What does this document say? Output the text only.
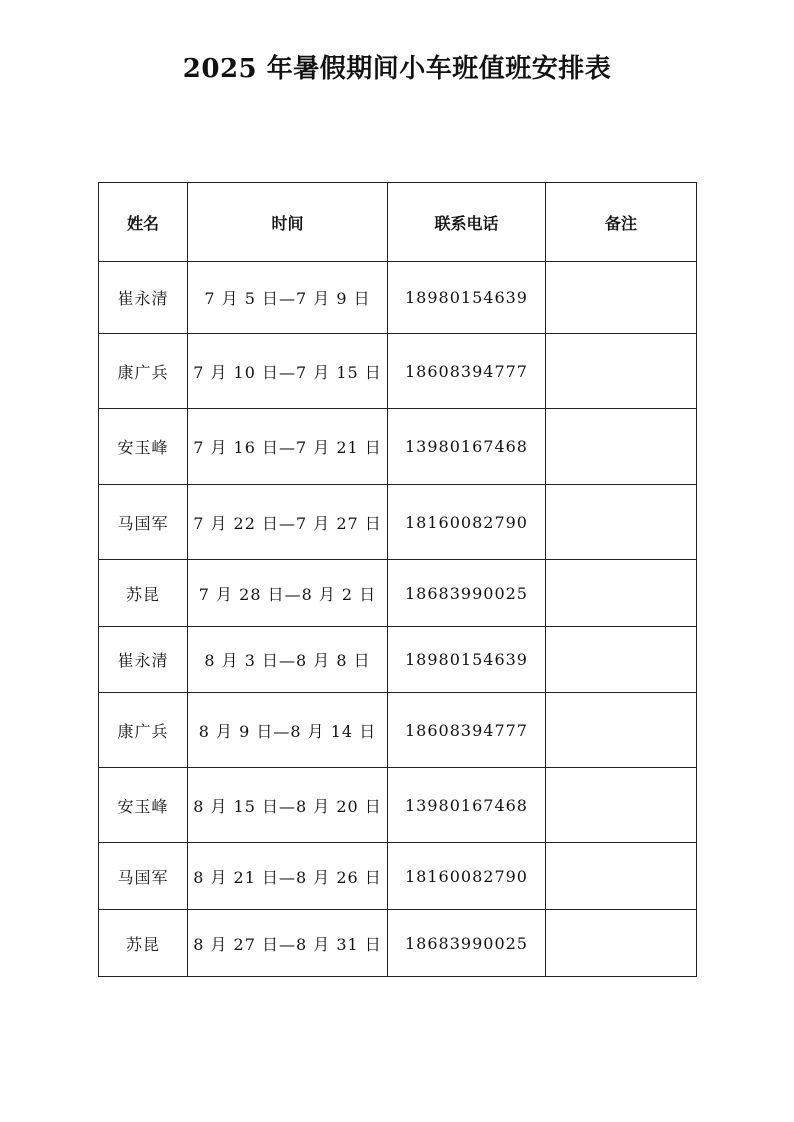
2025 年暑假期间小车班值班安排表
姓名	时间	联系电话	备注
崔永清	7 月 5 日—7 月 9 日	18980154639	
康广兵	7 月 10 日—7 月 15 日	18608394777	
安玉峰	7 月 16 日—7 月 21 日	13980167468	
马国军	7 月 22 日—7 月 27 日	18160082790	
苏昆	7 月 28 日—8 月 2 日	18683990025	
崔永清	8 月 3 日—8 月 8 日	18980154639	
康广兵	8 月 9 日—8 月 14 日	18608394777	
安玉峰	8 月 15 日—8 月 20 日	13980167468	
马国军	8 月 21 日—8 月 26 日	18160082790	
苏昆	8 月 27 日—8 月 31 日	18683990025	
